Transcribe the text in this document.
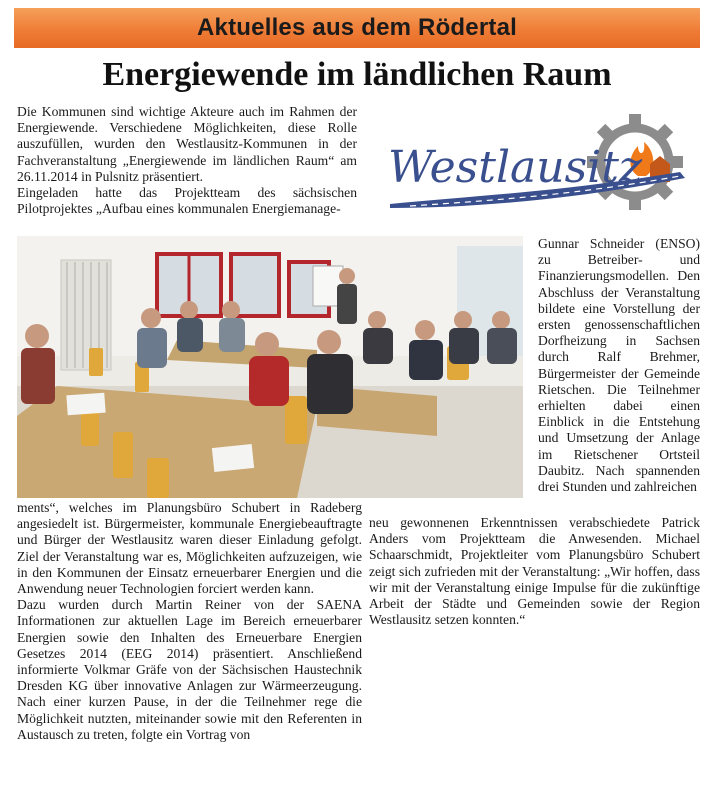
Aktuelles aus dem Rödertal
Energiewende im ländlichen Raum

Die Kommunen sind wichtige Akteure auch im Rahmen der Energiewende. Verschiedene Möglichkeiten, diese Rolle auszufüllen, wurden den Westlausitz-Kommunen in der Fachveranstaltung „Energiewende im ländlichen Raum“ am 26.11.2014 in Pulsnitz präsentiert.

Eingeladen hatte das Projektteam des sächsischen Pilotprojektes „Aufbau eines kommunalen Energiemanage-

Westlausitz
Gunnar Schneider (ENSO) zu Betreiber- und Finanzierungsmodellen. Den Abschluss der Veranstaltung bildete eine Vorstellung der ersten genossenschaftlichen Dorfheizung in Sachsen durch Ralf Brehmer, Bürgermeister der Gemeinde Rietschen. Die Teilnehmer erhielten dabei einen Einblick in die Entstehung und Umsetzung der Anlage im Rietschener Ortsteil Daubitz. Nach spannenden drei Stunden und zahlreichen

ments“, welches im Planungsbüro Schubert in Radeberg angesiedelt ist. Bürgermeister, kommunale Energiebeauftragte und Bürger der Westlausitz waren dieser Einladung gefolgt. Ziel der Veranstaltung war es, Möglichkeiten aufzuzeigen, wie in den Kommunen der Einsatz erneuerbarer Energien und die Anwendung neuer Technologien forciert werden kann.

Dazu wurden durch Martin Reiner von der SAENA Informationen zur aktuellen Lage im Bereich erneuerbarer Energien sowie den Inhalten des Erneuerbare Energien Gesetzes 2014 (EEG 2014) präsentiert. Anschließend informierte Volkmar Gräfe von der Sächsischen Haustechnik Dresden KG über innovative Anlagen zur Wärmeerzeugung. Nach einer kurzen Pause, in der die Teilnehmer rege die Möglichkeit nutzten, miteinander sowie mit den Referenten in Austausch zu treten, folgte ein Vortrag von

neu gewonnenen Erkenntnissen verabschiedete Patrick Anders vom Projektteam die Anwesenden. Michael Schaarschmidt, Projektleiter vom Planungsbüro Schubert zeigt sich zufrieden mit der Veranstaltung: „Wir hoffen, dass wir mit der Veranstaltung einige Impulse für die zukünftige Arbeit der Städte und Gemeinden sowie der Region Westlausitz setzen konnten.“
